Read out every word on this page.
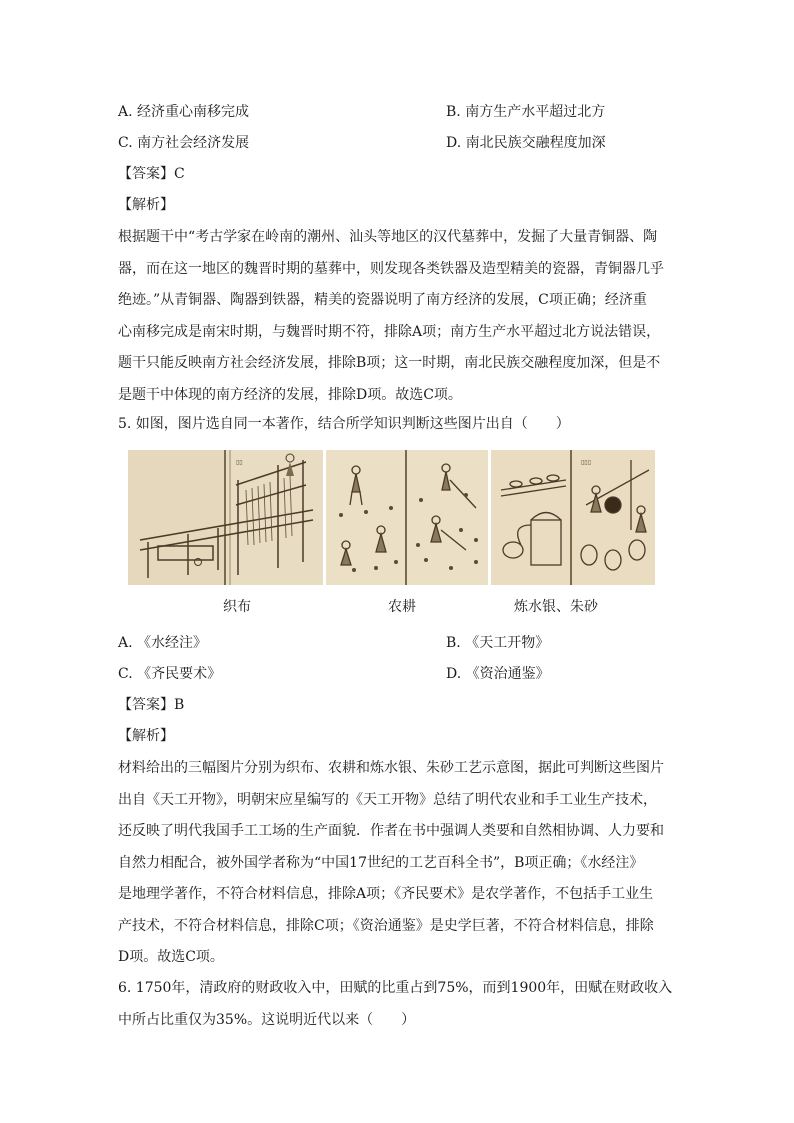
A. 经济重心南移完成	B. 南方生产水平超过北方
C. 南方社会经济发展	D. 南北民族交融程度加深
【答案】C
【解析】

根据题干中“考古学家在岭南的潮州、汕头等地区的汉代墓葬中，发掘了大量青铜器、陶

器，而在这一地区的魏晋时期的墓葬中，则发现各类铁器及造型精美的瓷器，青铜器几乎

绝迹。”从青铜器、陶器到铁器，精美的瓷器说明了南方经济的发展，C项正确；经济重

心南移完成是南宋时期，与魏晋时期不符，排除A项；南方生产水平超过北方说法错误，

题干只能反映南方社会经济发展，排除B项；这一时期，南北民族交融程度加深，但是不

是题干中体现的南方经济的发展，排除D项。故选C项。

5. 如图，图片选自同一本著作，结合所学知识判断这些图片出自（　　）
▯▯	▯▯▯
织布	农耕	炼水银、朱砂
A. 《水经注》	B. 《天工开物》
C. 《齐民要术》	D. 《资治通鉴》
【答案】B
【解析】

材料给出的三幅图片分别为织布、农耕和炼水银、朱砂工艺示意图，据此可判断这些图片

出自《天工开物》，明朝宋应星编写的《天工开物》总结了明代农业和手工业生产技术，

还反映了明代我国手工工场的生产面貌．作者在书中强调人类要和自然相协调、人力要和

自然力相配合，被外国学者称为“中国17世纪的工艺百科全书”，B项正确；《水经注》

是地理学著作，不符合材料信息，排除A项；《齐民要术》是农学著作，不包括手工业生

产技术，不符合材料信息，排除C项；《资治通鉴》是史学巨著，不符合材料信息，排除

D项。故选C项。

6. 1750年，清政府的财政收入中，田赋的比重占到75%，而到1900年，田赋在财政收入

中所占比重仅为35%。这说明近代以来（　　）
